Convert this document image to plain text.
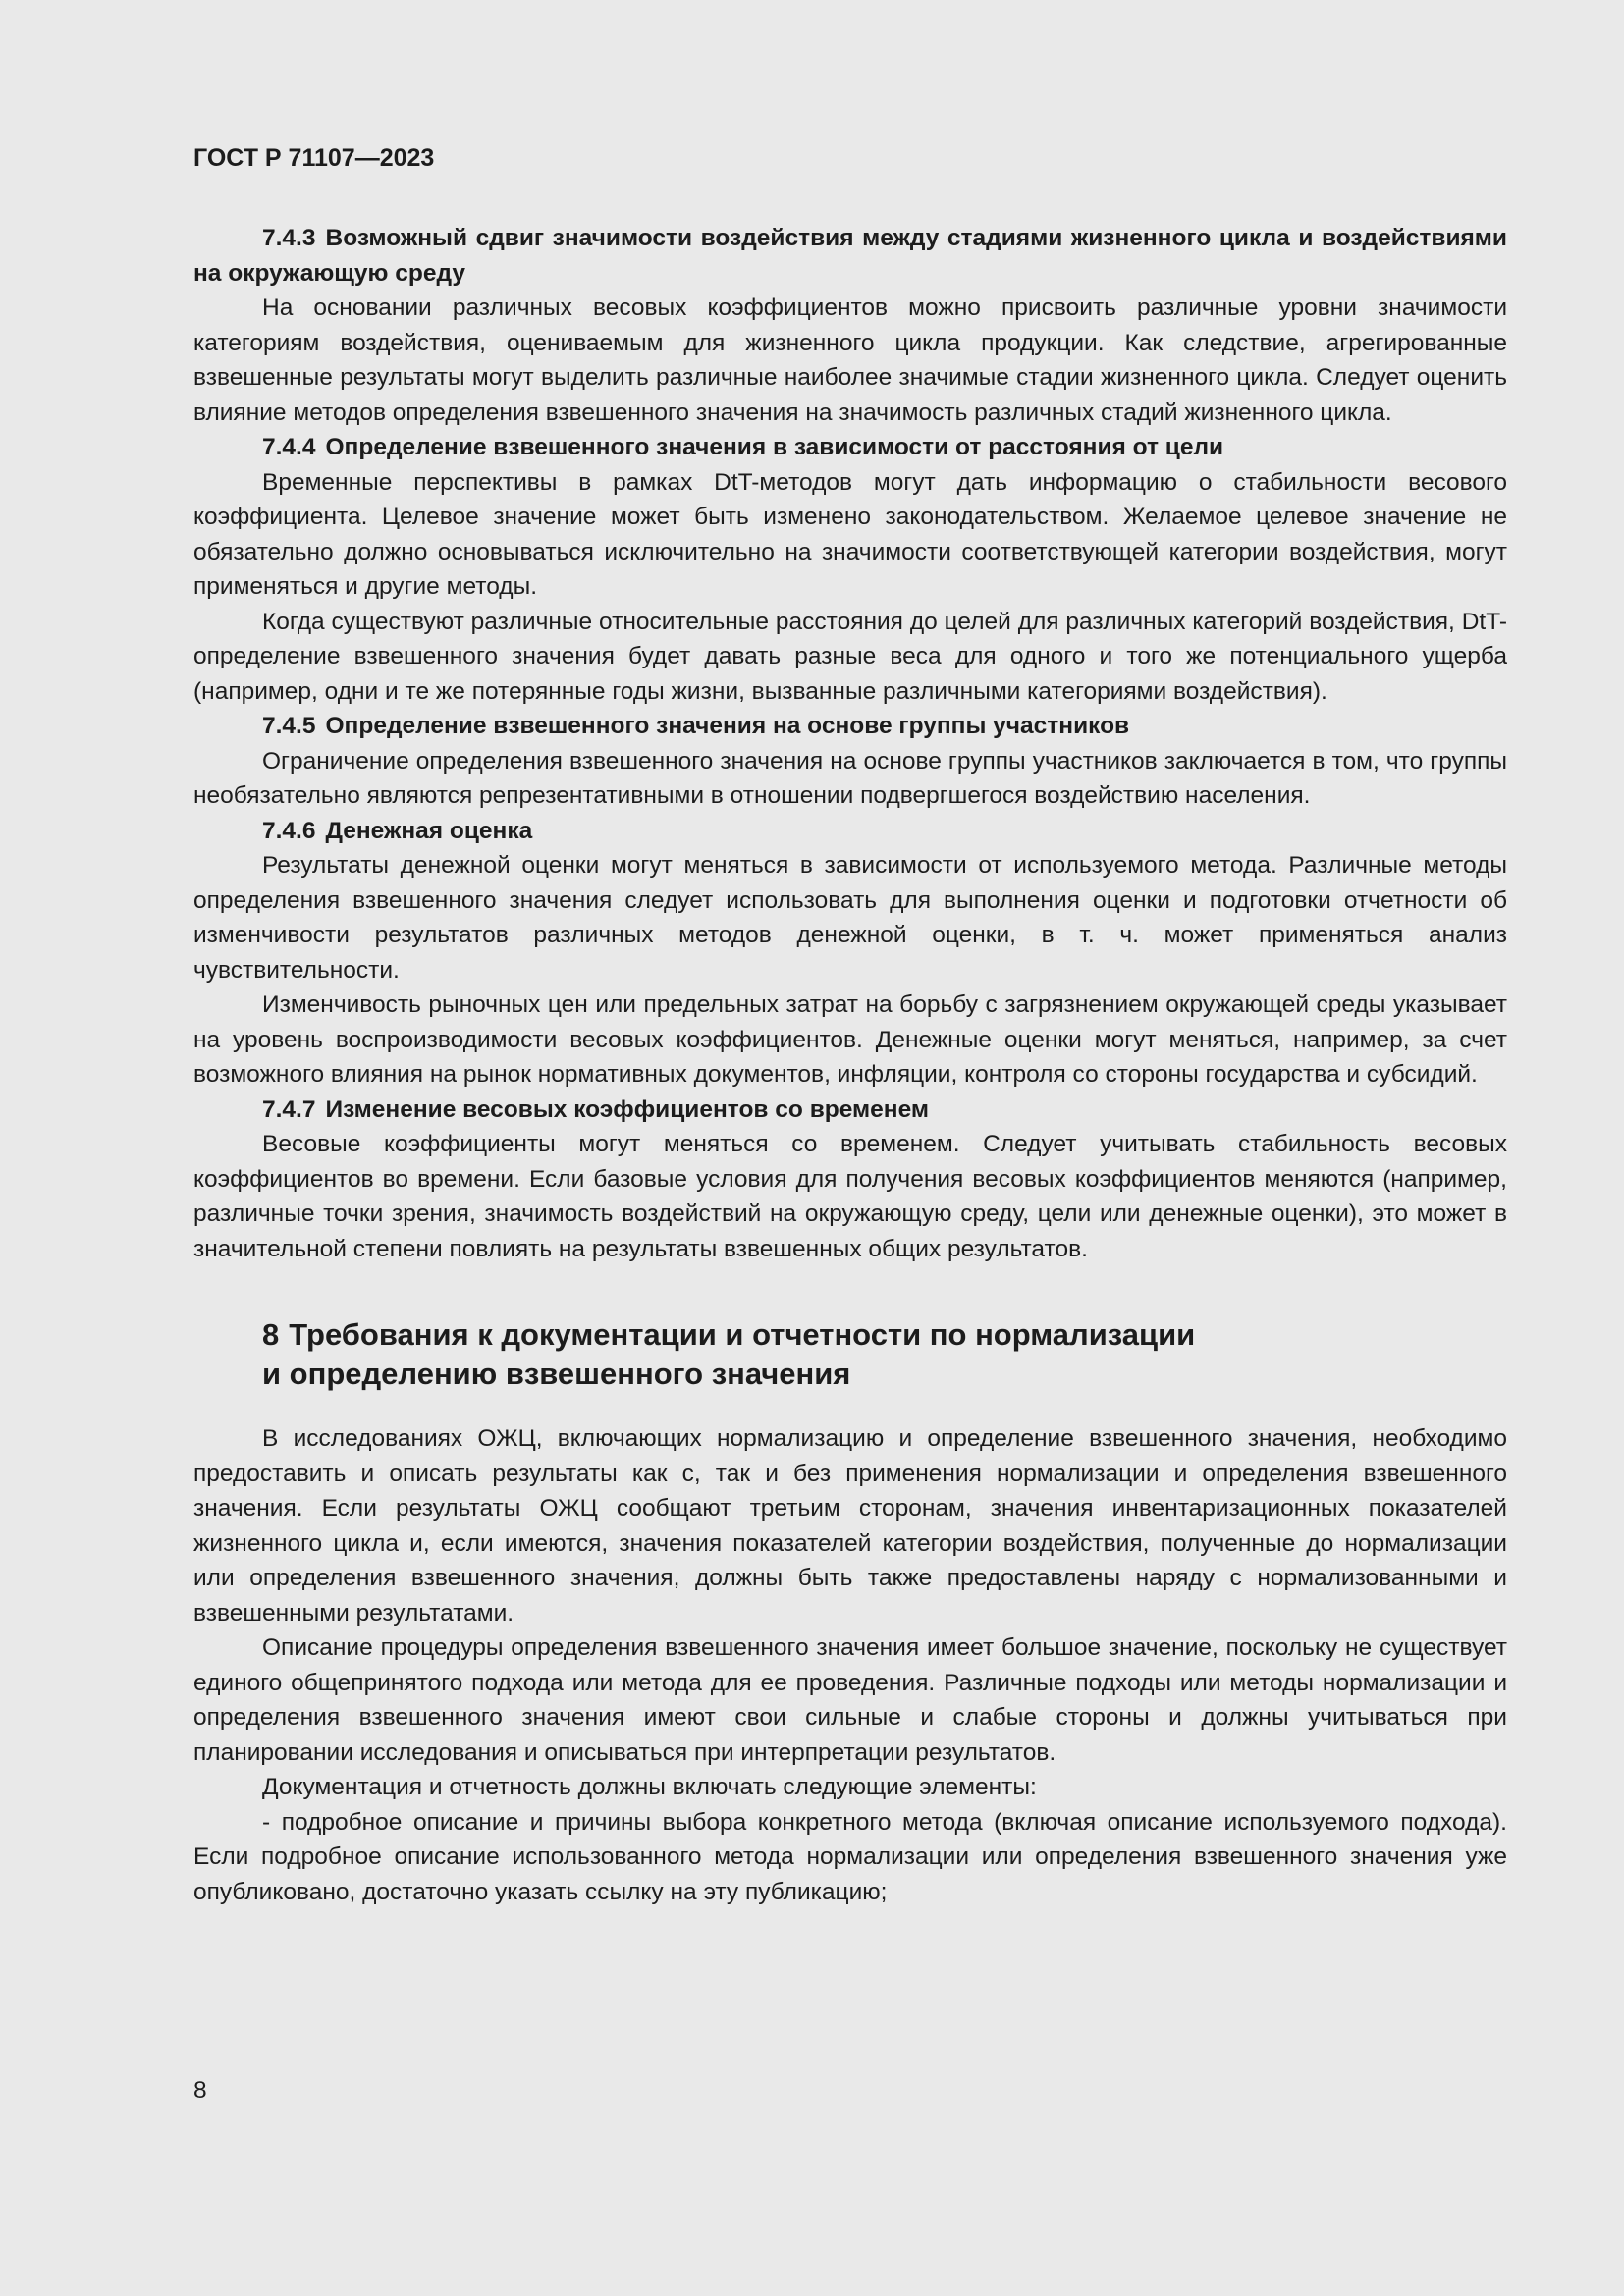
ГОСТ Р 71107—2023
7.4.3 Возможный сдвиг значимости воздействия между стадиями жизненного цикла и воздействиями на окружающую среду

На основании различных весовых коэффициентов можно присвоить различные уровни значимости категориям воздействия, оцениваемым для жизненного цикла продукции. Как следствие, агрегированные взвешенные результаты могут выделить различные наиболее значимые стадии жизненного цикла. Следует оценить влияние методов определения взвешенного значения на значимость различных стадий жизненного цикла.

7.4.4 Определение взвешенного значения в зависимости от расстояния от цели

Временные перспективы в рамках DtT-методов могут дать информацию о стабильности весового коэффициента. Целевое значение может быть изменено законодательством. Желаемое целевое значение не обязательно должно основываться исключительно на значимости соответствующей категории воздействия, могут применяться и другие методы.

Когда существуют различные относительные расстояния до целей для различных категорий воздействия, DtT-определение взвешенного значения будет давать разные веса для одного и того же потенциального ущерба (например, одни и те же потерянные годы жизни, вызванные различными категориями воздействия).

7.4.5 Определение взвешенного значения на основе группы участников

Ограничение определения взвешенного значения на основе группы участников заключается в том, что группы необязательно являются репрезентативными в отношении подвергшегося воздействию населения.

7.4.6 Денежная оценка

Результаты денежной оценки могут меняться в зависимости от используемого метода. Различные методы определения взвешенного значения следует использовать для выполнения оценки и подготовки отчетности об изменчивости результатов различных методов денежной оценки, в т. ч. может применяться анализ чувствительности.

Изменчивость рыночных цен или предельных затрат на борьбу с загрязнением окружающей среды указывает на уровень воспроизводимости весовых коэффициентов. Денежные оценки могут меняться, например, за счет возможного влияния на рынок нормативных документов, инфляции, контроля со стороны государства и субсидий.

7.4.7 Изменение весовых коэффициентов со временем

Весовые коэффициенты могут меняться со временем. Следует учитывать стабильность весовых коэффициентов во времени. Если базовые условия для получения весовых коэффициентов меняются (например, различные точки зрения, значимость воздействий на окружающую среду, цели или денежные оценки), это может в значительной степени повлиять на результаты взвешенных общих результатов.

8 Требования к документации и отчетности по нормализации
и определению взвешенного значения

В исследованиях ОЖЦ, включающих нормализацию и определение взвешенного значения, необходимо предоставить и описать результаты как с, так и без применения нормализации и определения взвешенного значения. Если результаты ОЖЦ сообщают третьим сторонам, значения инвентаризационных показателей жизненного цикла и, если имеются, значения показателей категории воздействия, полученные до нормализации или определения взвешенного значения, должны быть также предоставлены наряду с нормализованными и взвешенными результатами.

Описание процедуры определения взвешенного значения имеет большое значение, поскольку не существует единого общепринятого подхода или метода для ее проведения. Различные подходы или методы нормализации и определения взвешенного значения имеют свои сильные и слабые стороны и должны учитываться при планировании исследования и описываться при интерпретации результатов.

Документация и отчетность должны включать следующие элементы:

- подробное описание и причины выбора конкретного метода (включая описание используемого подхода). Если подробное описание использованного метода нормализации или определения взвешенного значения уже опубликовано, достаточно указать ссылку на эту публикацию;

8
